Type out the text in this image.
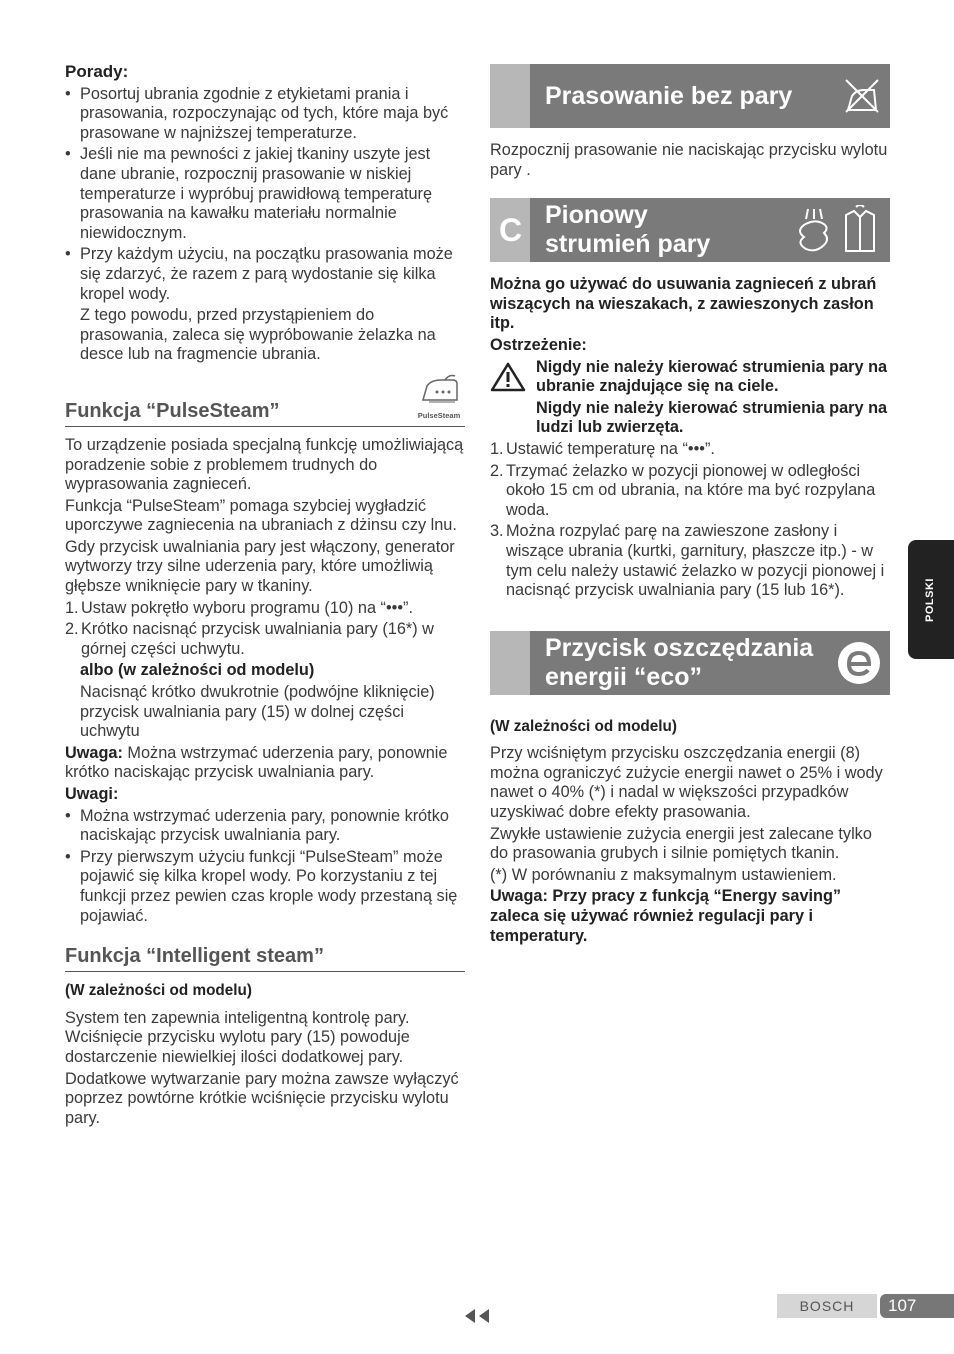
Porady:

• Posortuj ubrania zgodnie z etykietami prania i prasowania, rozpoczynając od tych, które maja być prasowane w najniższej temperaturze.
• Jeśli nie ma pewności z jakiej tkaniny uszyte jest dane ubranie, rozpocznij prasowanie w niskiej temperaturze i wypróbuj prawidłową temperaturę prasowania na kawałku materiału normalnie niewidocznym.
• Przy każdym użyciu, na początku prasowania może się zdarzyć, że razem z parą wydostanie się kilka kropel wody.

Z tego powodu, przed przystąpieniem do prasowania, zaleca się wypróbowanie żelazka na desce lub na fragmencie ubrania.

Funkcja “PulseSteam”	PulseSteam

To urządzenie posiada specjalną funkcję umożliwiającą poradzenie sobie z problemem trudnych do wyprasowania zagnieceń.

Funkcja “PulseSteam” pomaga szybciej wygładzić uporczywe zagniecenia na ubraniach z dżinsu czy lnu.

Gdy przycisk uwalniania pary jest włączony, generator wytworzy trzy silne uderzenia pary, które umożliwią głębsze wniknięcie pary w tkaniny.

1. Ustaw pokrętło wyboru programu (10) na “•••”.
2. Krótko nacisnąć przycisk uwalniania pary (16*) w górnej części uchwytu.

albo (w zależności od modelu)

Nacisnąć krótko dwukrotnie (podwójne kliknięcie) przycisk uwalniania pary (15) w dolnej części uchwytu

Uwaga: Można wstrzymać uderzenia pary, ponownie krótko naciskając przycisk uwalniania pary.

Uwagi:

• Można wstrzymać uderzenia pary, ponownie krótko naciskając przycisk uwalniania pary.
• Przy pierwszym użyciu funkcji “PulseSteam” może pojawić się kilka kropel wody. Po korzystaniu z tej funkcji przez pewien czas krople wody przestaną się pojawiać.
Funkcja “Intelligent steam”

(W zależności od modelu)

System ten zapewnia inteligentną kontrolę pary. Wciśnięcie przycisku wylotu pary (15) powoduje dostarczenie niewielkiej ilości dodatkowej pary.

Dodatkowe wytwarzanie pary można zawsze wyłączyć poprzez powtórne krótkie wciśnięcie przycisku wylotu pary.

Prasowanie bez pary

Rozpocznij prasowanie nie naciskając przycisku wylotu pary .

C Pionowy
strumień pary

Można go używać do usuwania zagnieceń z ubrań wiszących na wieszakach, z zawieszonych zasłon itp.

Ostrzeżenie:

Nigdy nie należy kierować strumienia pary na ubranie znajdujące się na ciele.

Nigdy nie należy kierować strumienia pary na ludzi lub zwierzęta.

1. Ustawić temperaturę na “•••”.
2. Trzymać żelazko w pozycji pionowej w odległości około 15 cm od ubrania, na które ma być rozpylana woda.
3. Można rozpylać parę na zawieszone zasłony i wiszące ubrania (kurtki, garnitury, płaszcze itp.) - w tym celu należy ustawić żelazko w pozycji pionowej i nacisnąć przycisk uwalniania pary (15 lub 16*).
Przycisk oszczędzania
energii “eco”

(W zależności od modelu)

Przy wciśniętym przycisku oszczędzania energii (8) można ograniczyć zużycie energii nawet o 25% i wody nawet o 40% (*) i nadal w większości przypadków uzyskiwać dobre efekty prasowania.

Zwykłe ustawienie zużycia energii jest zalecane tylko do prasowania grubych i silnie pomiętych tkanin.

(*) W porównaniu z maksymalnym ustawieniem.

Uwaga: Przy pracy z funkcją “Energy saving” zaleca się używać również regulacji pary i temperatury.

POLSKI
BOSCH	107
